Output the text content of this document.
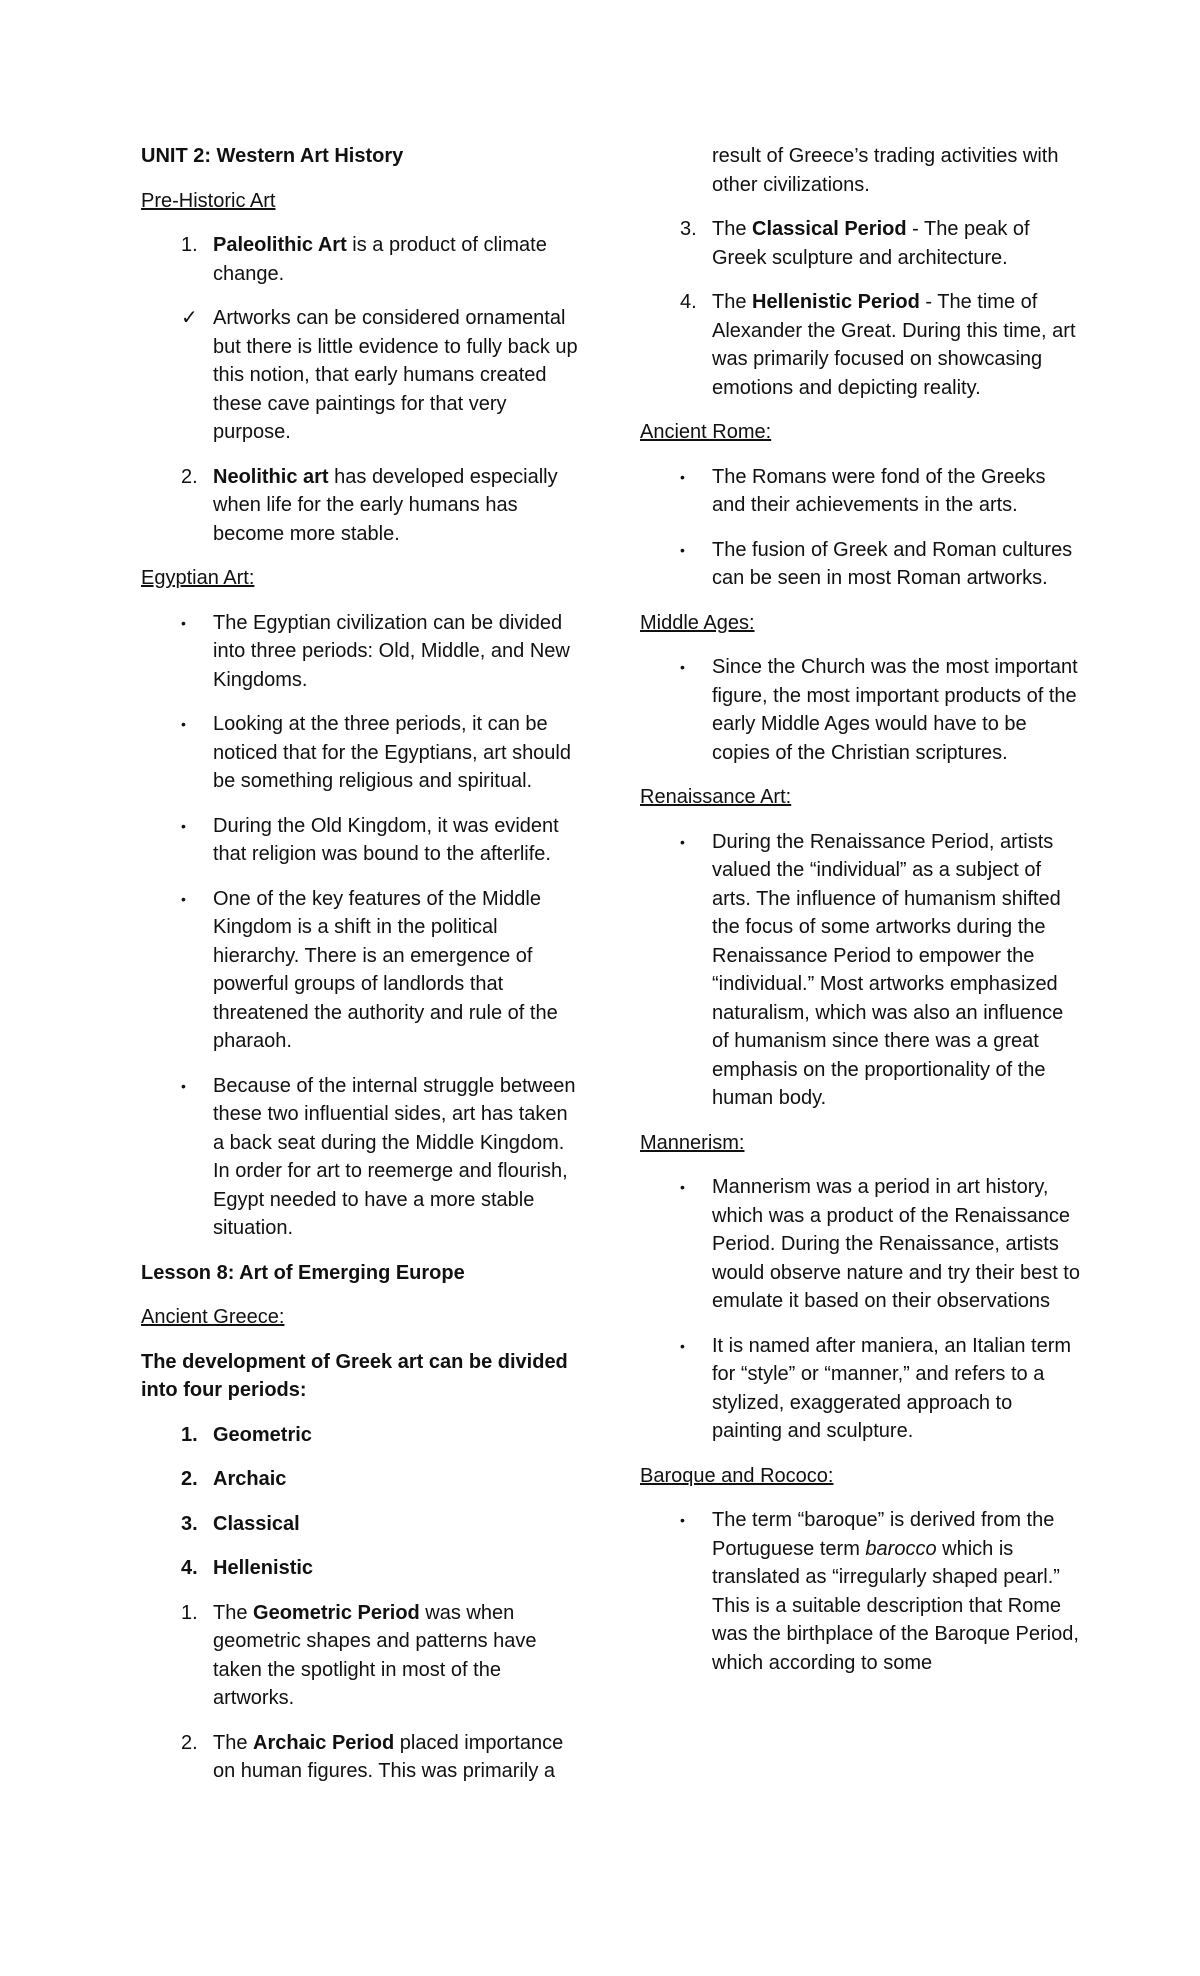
UNIT 2: Western Art History

Pre-Historic Art

1. Paleolithic Art is a product of climate change.
✓ Artworks can be considered ornamental but there is little evidence to fully back up this notion, that early humans created these cave paintings for that very purpose.
2. Neolithic art has developed especially when life for the early humans has become more stable.

Egyptian Art:

•	The Egyptian civilization can be divided into three periods: Old, Middle, and New Kingdoms.
•	Looking at the three periods, it can be noticed that for the Egyptians, art should be something religious and spiritual.
•	During the Old Kingdom, it was evident that religion was bound to the afterlife.
•	One of the key features of the Middle Kingdom is a shift in the political hierarchy. There is an emergence of powerful groups of landlords that threatened the authority and rule of the pharaoh.
•	Because of the internal struggle between these two influential sides, art has taken a back seat during the Middle Kingdom. In order for art to reemerge and flourish, Egypt needed to have a more stable situation.

Lesson 8: Art of Emerging Europe

Ancient Greece:

The development of Greek art can be divided into four periods:

1. Geometric
2. Archaic
3. Classical
4. Hellenistic
1. The Geometric Period was when geometric shapes and patterns have taken the spotlight in most of the artworks.
2. The Archaic Period placed importance on human figures. This was primarily a

result of Greece’s trading activities with other civilizations.

3. The Classical Period - The peak of Greek sculpture and architecture.
4. The Hellenistic Period - The time of Alexander the Great. During this time, art was primarily focused on showcasing emotions and depicting reality.

Ancient Rome:

•	The Romans were fond of the Greeks and their achievements in the arts.
•	The fusion of Greek and Roman cultures can be seen in most Roman artworks.

Middle Ages:

•	Since the Church was the most important figure, the most important products of the early Middle Ages would have to be copies of the Christian scriptures.

Renaissance Art:

•	During the Renaissance Period, artists valued the “individual” as a subject of arts. The influence of humanism shifted the focus of some artworks during the Renaissance Period to empower the “individual.” Most artworks emphasized naturalism, which was also an influence of humanism since there was a great emphasis on the proportionality of the human body.

Mannerism:

•	Mannerism was a period in art history, which was a product of the Renaissance Period. During the Renaissance, artists would observe nature and try their best to emulate it based on their observations
•	It is named after maniera, an Italian term for “style” or “manner,” and refers to a stylized, exaggerated approach to painting and sculpture.

Baroque and Rococo:

•	The term “baroque” is derived from the Portuguese term barocco which is translated as “irregularly shaped pearl.” This is a suitable description that Rome was the birthplace of the Baroque Period, which according to some
